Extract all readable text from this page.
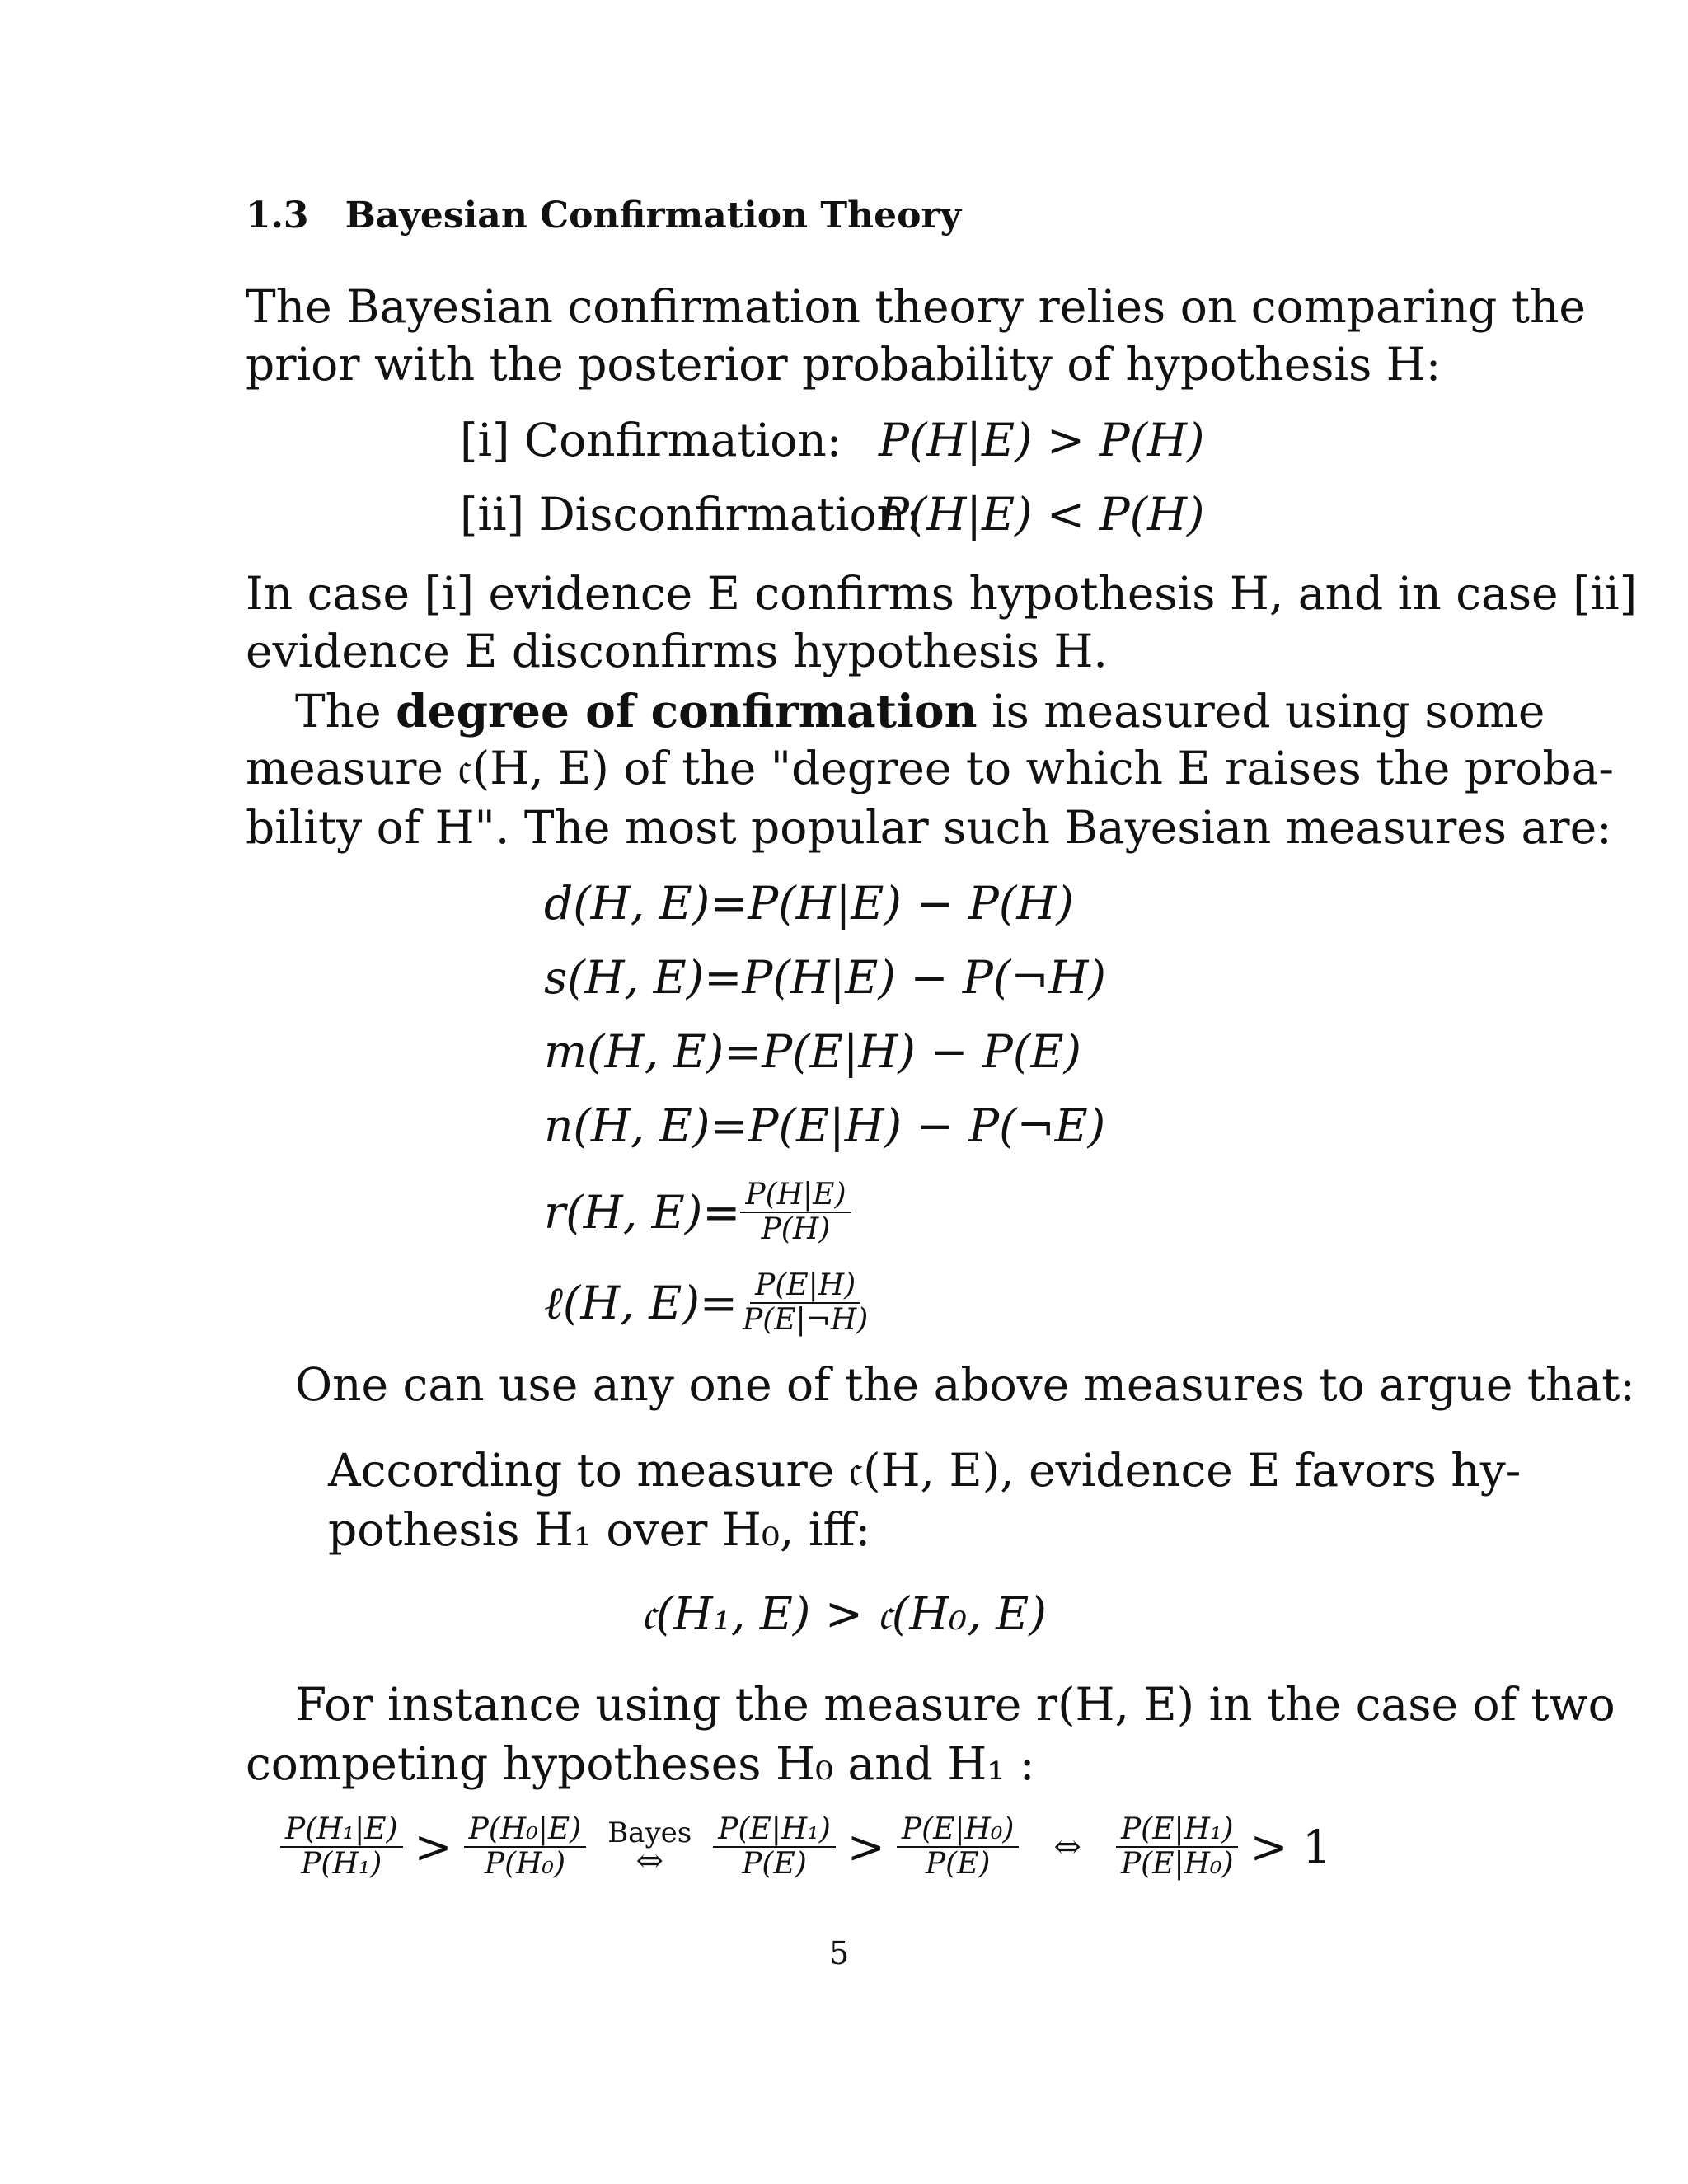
1.3 Bayesian Confirmation Theory
The Bayesian confirmation theory relies on comparing the
prior with the posterior probability of hypothesis H:
[i] Confirmation: P(H|E) > P(H)
[ii] Disconfirmation:
P(H|E) < P(H)
In case [i] evidence E confirms hypothesis H, and in case [ii]
evidence E disconfirms hypothesis H.
The degree of confirmation is measured using some
measure 𝔠(H, E) of the "degree to which E raises the proba-
bility of H". The most popular such Bayesian measures are:
d(H, E)=P(H|E) − P(H)
s(H, E)=P(H|E) − P(¬H)
m(H, E)=P(E|H) − P(E)
n(H, E)=P(E|H) − P(¬E)
r(H, $E)= \frac{P(H|E)}{P(H)}$
ℓ(H, $E)= \frac{P(E|H)}{P(E|\neg H)}$
One can use any one of the above measures to argue that:
According to measure 𝔠(H, E), evidence E favors hy-
pothesis H₁ over H₀, iff:
𝔠(H₁, E) > 𝔠(H₀, E)
For instance using the measure r(H, E) in the case of two
competing hypotheses H₀ and H₁ :
$\frac{\text{P(H₁|E)}}{\text{P(H₁)}} > \frac{\text{P(H₀|E)}}{\text{P(H₀)}}$ Bayes
⇔ $\frac{\text{P(E|H₁)}}{P(E)} > \frac{\text{P(E|H₀)}}{P(E)}$ ⇔ $\frac{\text{P(E|H₁)}}{\text{P(E|H₀)}} > 1$
5
